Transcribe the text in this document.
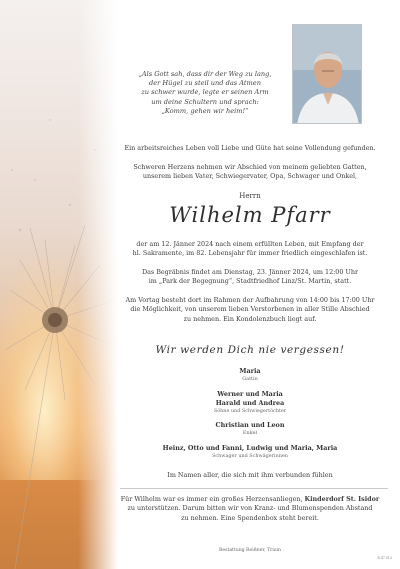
„Als Gott sah, dass dir der Weg zu lang,
der Hügel zu steil und das Atmen
zu schwer wurde, legte er seinen Arm
um deine Schultern und sprach:
„Komm, gehen wir heim!“
Ein arbeitsreiches Leben voll Liebe und Güte hat seine Vollendung gefunden.
Schweren Herzens nehmen wir Abschied von meinem geliebten Gatten,
unserem lieben Vater, Schwiegervater, Opa, Schwager und Onkel,
Herrn
Wilhelm Pfarr
der am 12. Jänner 2024 nach einem erfüllten Leben, mit Empfang der
hl. Sakramente, im 82. Lebensjahr für immer friedlich eingeschlafen ist.
Das Begräbnis findet am Dienstag, 23. Jänner 2024, um 12:00 Uhr
im „Park der Begegnung“, Stadtfriedhof Linz/St. Martin, statt.
Am Vortag besteht dort im Rahmen der Aufbahrung von 14:00 bis 17:00 Uhr
die Möglichkeit, von unserem lieben Verstorbenen in aller Stille Abschied
zu nehmen. Ein Kondolenzbuch liegt auf.
Wir werden Dich nie vergessen!
Maria
Gattin
Werner und Maria
Harald und Andrea
Söhne und Schwiegertöchter
Christian und Leon
Enkel
Heinz, Otto und Fanni, Ludwig und Maria, Maria
Schwager und Schwägerinnen
Im Namen aller, die sich mit ihm verbunden fühlen
Für Wilhelm war es immer ein großes Herzensanliegen, Kinderdorf St. Isidor
zu unterstützen. Darum bitten wir von Kranz- und Blumenspenden Abstand
zu nehmen. Eine Spendenbox steht bereit.
Bestattung Reißner, Traun
R.47.013
